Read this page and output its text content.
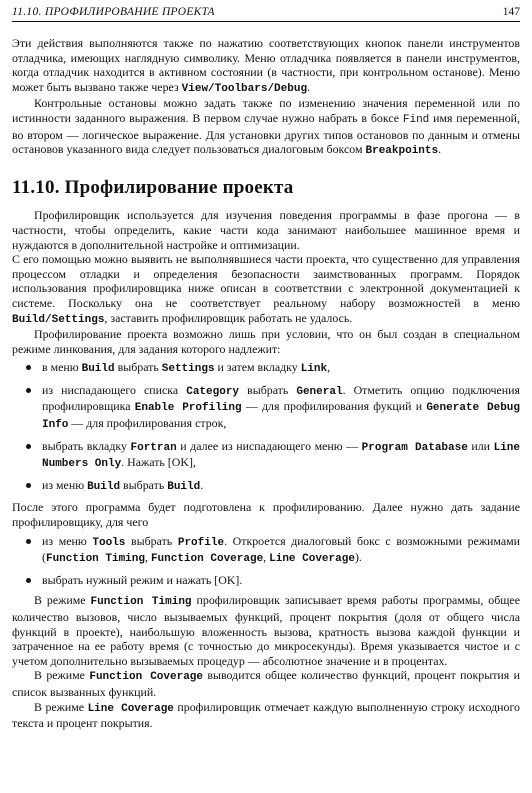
11.10. ПРОФИЛИРОВАНИЕ ПРОЕКТА	147

Эти действия выполняются также по нажатию соответствующих кнопок панели инструментов отладчика, имеющих наглядную символику. Меню отладчика появляется в панели инструментов, когда отладчик находится в активном состоянии (в частности, при контрольном останове). Меню может быть вызвано также через View/Toolbars/Debug.

Контрольные остановы можно задать также по изменению значения переменной или по истинности заданного выражения. В первом случае нужно набрать в боксе Find имя переменной, во втором — логическое выражение. Для установки других типов остановов по данным и отмены остановов указанного вида следует пользоваться диалоговым боксом Breakpoints.

11.10. Профилирование проекта

Профилировщик используется для изучения поведения программы в фазе прогона — в частности, чтобы определить, какие части кода занимают наибольшее машинное время и нуждаются в дополнительной настройке и оптимизации.

С его помощью можно выявить не выполнявшиеся части проекта, что существенно для управления процессом отладки и определения безопасности заимствованных программ. Порядок использования профилировщика ниже описан в соответствии с электронной документацией к системе. Поскольку она не соответствует реальному набору возможностей в меню Build/Settings, заставить профилировщик работать не удалось.

Профилирование проекта возможно лишь при условии, что он был создан в специальном режиме линкования, для задания которого надлежит:

в меню Build выбрать Settings и затем вкладку Link,
из ниспадающего списка Category выбрать General. Отметить опцию подключения профилировщика Enable Profiling — для профилирования фукций и Generate Debug Info — для профилирования строк,
выбрать вкладку Fortran и далее из ниспадающего меню — Program Database или Line Numbers Only. Нажать [OK],
из меню Build выбрать Build.

После этого программа будет подготовлена к профилированию. Далее нужно дать задание профилировщику, для чего

из меню Tools выбрать Profile. Откроется диалоговый бокс с возможными режимами (Function Timing, Function Coverage, Line Coverage).
выбрать нужный режим и нажать [OK].

В режиме Function Timing профилировщик записывает время работы программы, общее количество вызовов, число вызываемых функций, процент покрытия (доля от общего числа функций в проекте), наибольшую вложенность вызова, кратность вызова каждой функции и затраченное на ее работу время (с точностью до микросекунды). Время указывается чистое и с учетом дополнительно вызываемых процедур — абсолютное значение и в процентах.

В режиме Function Coverage выводится общее количество функций, процент покрытия и список вызванных функций.

В режиме Line Coverage профилировщик отмечает каждую выполненную строку исходного текста и процент покрытия.
